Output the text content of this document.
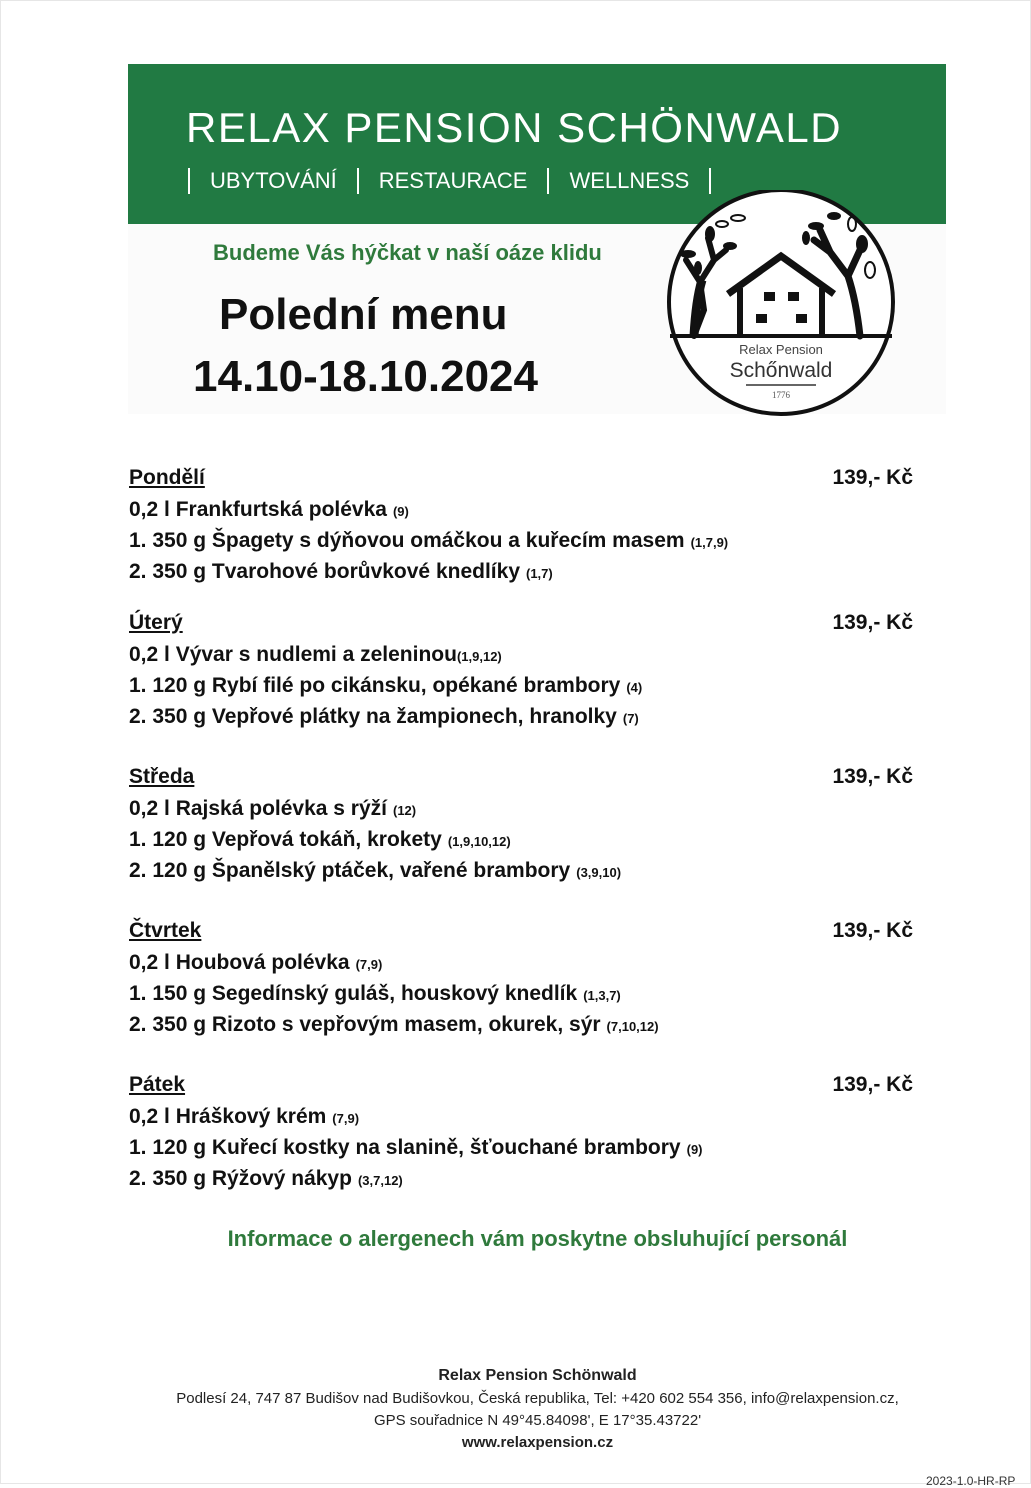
RELAX PENSION SCHÖNWALD
UBYTOVÁNÍ RESTAURACE WELLNESS
Budeme Vás hýčkat v naší oáze klidu
Polední menu
14.10-18.10.2024
Relax Pension
Schőnwald
1776
Pondělí	139,- Kč
0,2 l Frankfurtská polévka (9)
1. 350 g Špagety s dýňovou omáčkou a kuřecím masem (1,7,9)
2. 350 g Tvarohové borůvkové knedlíky (1,7)
Úterý	139,- Kč
0,2 l Vývar s nudlemi a zeleninou(1,9,12)
1. 120 g Rybí filé po cikánsku, opékané brambory (4)
2. 350 g Vepřové plátky na žampionech, hranolky (7)
Středa	139,- Kč
0,2 l Rajská polévka s rýží (12)
1. 120 g Vepřová tokáň, krokety (1,9,10,12)
2. 120 g Španělský ptáček, vařené brambory (3,9,10)
Čtvrtek	139,- Kč
0,2 l Houbová polévka (7,9)
1. 150 g Segedínský guláš, houskový knedlík (1,3,7)
2. 350 g Rizoto s vepřovým masem, okurek, sýr (7,10,12)
Pátek	139,- Kč
0,2 l Hráškový krém (7,9)
1. 120 g Kuřecí kostky na slanině, šťouchané brambory (9)
2. 350 g Rýžový nákyp (3,7,12)
Informace o alergenech vám poskytne obsluhující personál
Relax Pension Schönwald
Podlesí 24, 747 87 Budišov nad Budišovkou, Česká republika, Tel: +420 602 554 356, info@relaxpension.cz,
GPS souřadnice N 49°45.84098', E 17°35.43722'
www.relaxpension.cz
2023-1.0-HR-RP
